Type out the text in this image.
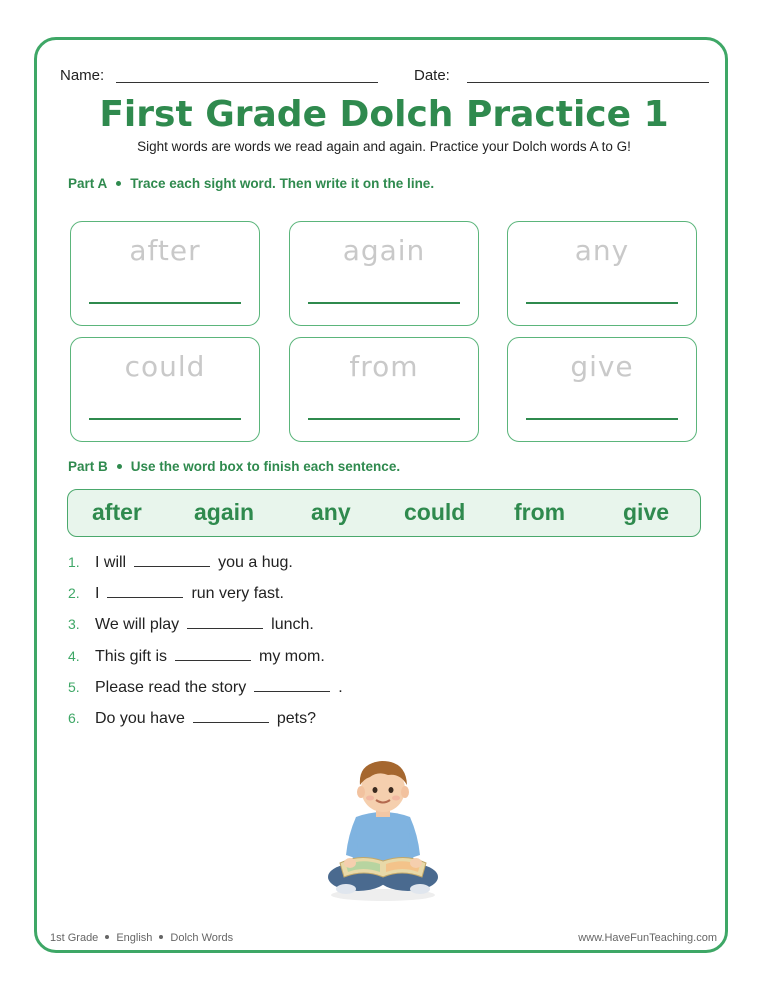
Name:	Date:
First Grade Dolch Practice 1
Sight words are words we read again and again. Practice your Dolch words A to G!
Part A Trace each sight word. Then write it on the line.
after	again	any
could	from	give
Part B Use the word box to finish each sentence.
after again any could from	give
1. I will	you a hug.
2. I	run very fast.
3. We will play	lunch.
4. This gift is	my mom.
5. Please read the story	.
6. Do you have	pets?
1st Grade English Dolch Words	www.HaveFunTeaching.com
